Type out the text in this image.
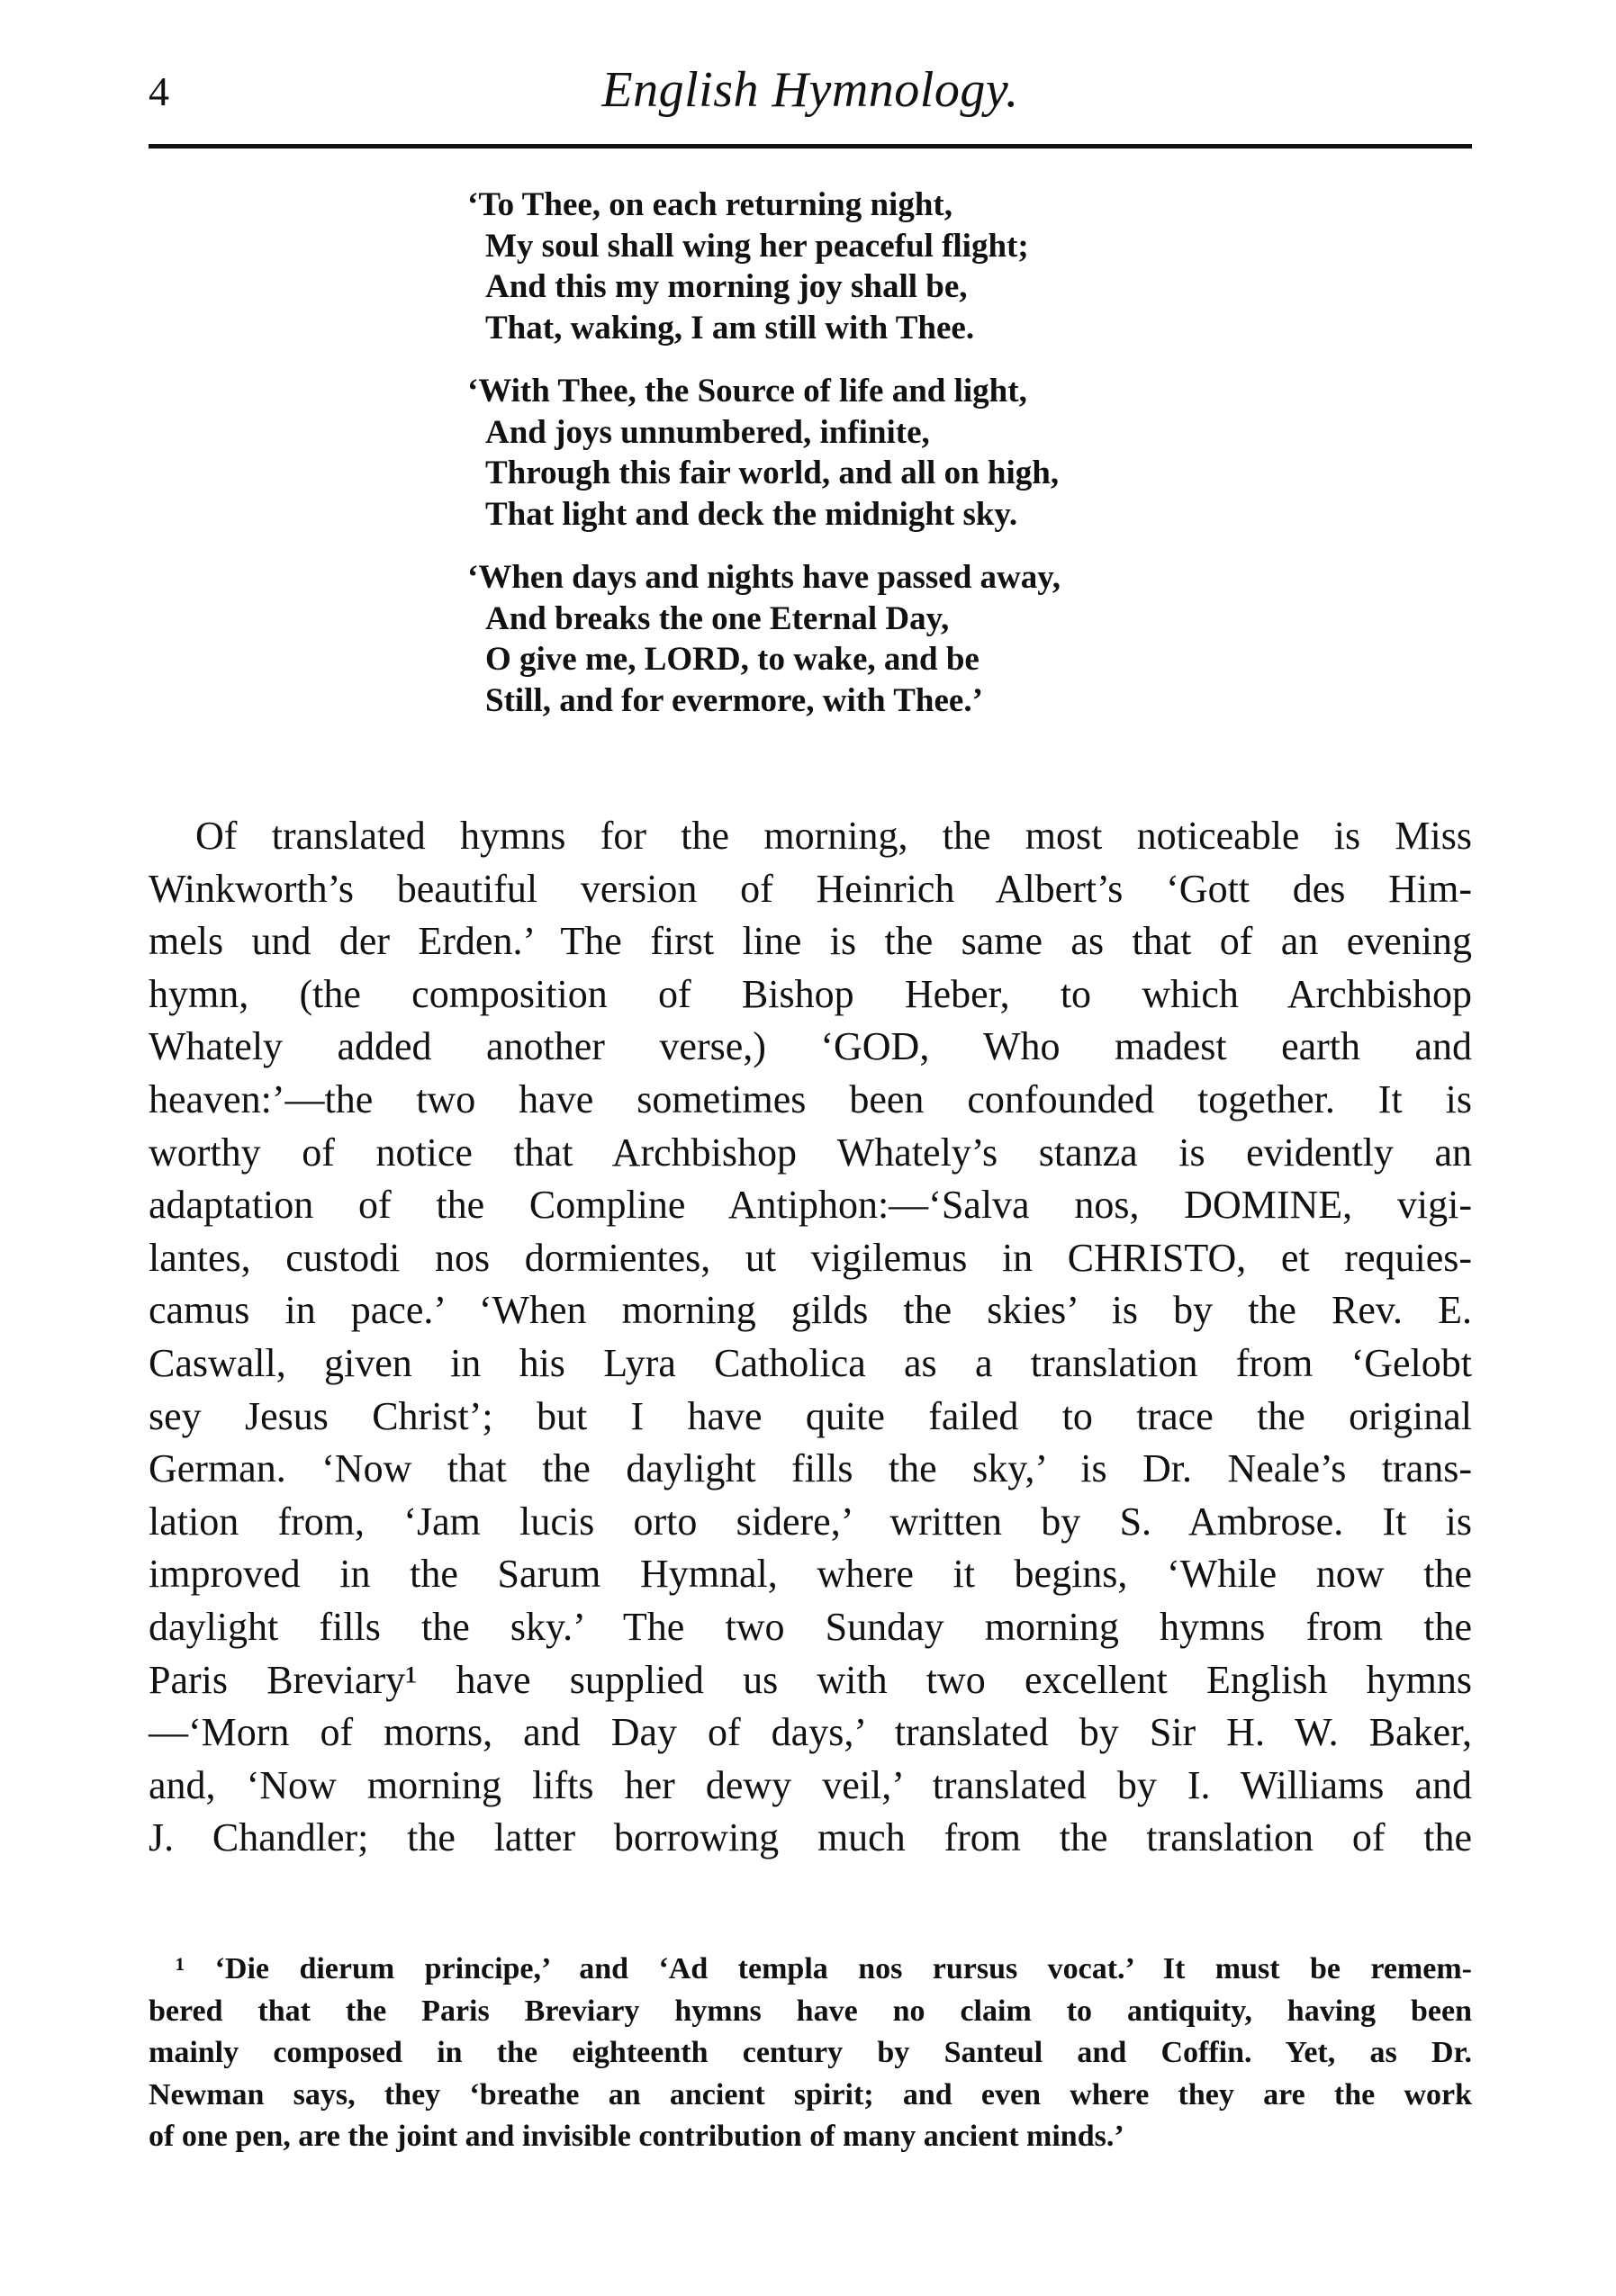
4	English Hymnology.
‘To Thee, on each returning night,
My soul shall wing her peaceful flight;
And this my morning joy shall be,
That, waking, I am still with Thee.
‘With Thee, the Source of life and light,
And joys unnumbered, infinite,
Through this fair world, and all on high,
That light and deck the midnight sky.
‘When days and nights have passed away,
And breaks the one Eternal Day,
O give me, LORD, to wake, and be
Still, and for evermore, with Thee.’
Of translated hymns for the morning, the most noticeable is Miss
Winkworth’s beautiful version of Heinrich Albert’s ‘Gott des Him-
mels und der Erden.’ The first line is the same as that of an evening
hymn, (the composition of Bishop Heber, to which Archbishop
Whately added another verse,) ‘GOD, Who madest earth and
heaven:’—the two have sometimes been confounded together. It is
worthy of notice that Archbishop Whately’s stanza is evidently an
adaptation of the Compline Antiphon:—‘Salva nos, DOMINE, vigi-
lantes, custodi nos dormientes, ut vigilemus in CHRISTO, et requies-
camus in pace.’ ‘When morning gilds the skies’ is by the Rev. E.
Caswall, given in his Lyra Catholica as a translation from ‘Gelobt
sey Jesus Christ’; but I have quite failed to trace the original
German. ‘Now that the daylight fills the sky,’ is Dr. Neale’s trans-
lation from, ‘Jam lucis orto sidere,’ written by S. Ambrose. It is
improved in the Sarum Hymnal, where it begins, ‘While now the
daylight fills the sky.’ The two Sunday morning hymns from the
Paris Breviary¹ have supplied us with two excellent English hymns
—‘Morn of morns, and Day of days,’ translated by Sir H. W. Baker,
and, ‘Now morning lifts her dewy veil,’ translated by I. Williams and
J. Chandler; the latter borrowing much from the translation of the
¹ ‘Die dierum principe,’ and ‘Ad templa nos rursus vocat.’ It must be remem-
bered that the Paris Breviary hymns have no claim to antiquity, having been
mainly composed in the eighteenth century by Santeul and Coffin. Yet, as Dr.
Newman says, they ‘breathe an ancient spirit; and even where they are the work
of one pen, are the joint and invisible contribution of many ancient minds.’
